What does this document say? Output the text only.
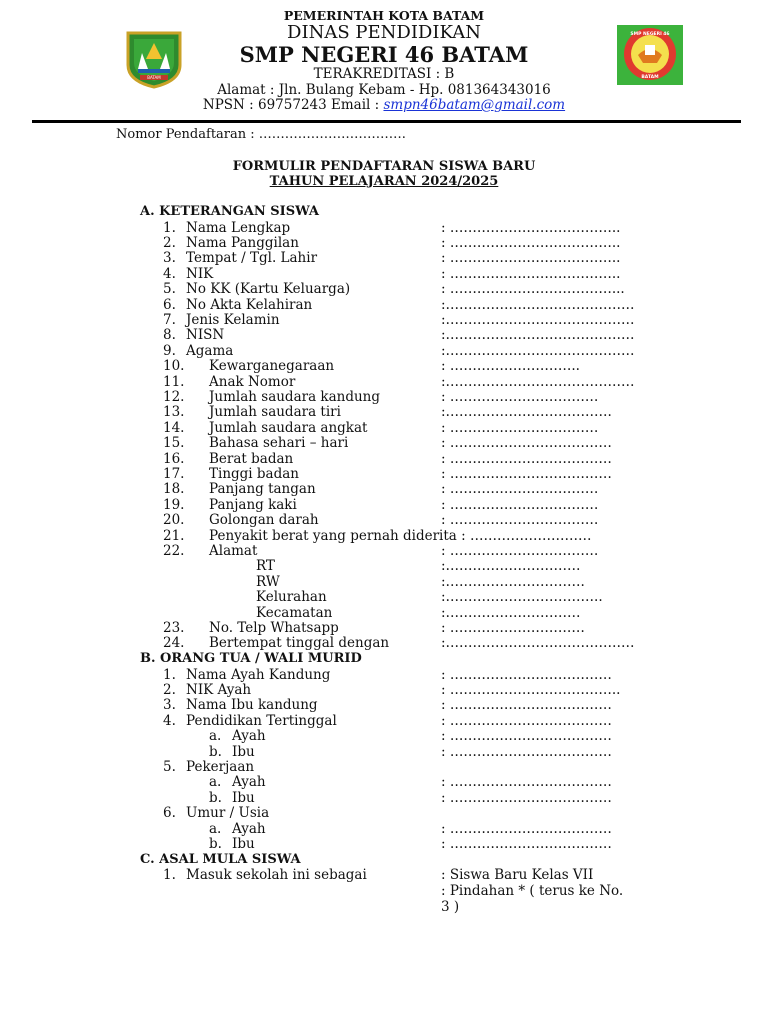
BATAM
SMP NEGERI 46
BATAM
PEMERINTAH KOTA BATAM
DINAS PENDIDIKAN
SMP NEGERI 46 BATAM
TERAKREDITASI : B
Alamat : Jln. Bulang Kebam - Hp. 081364343016
NPSN : 69757243 Email : smpn46batam@gmail.com
Nomor Pendaftaran : …………………………….
FORMULIR PENDAFTARAN SISWA BARU
TAHUN PELAJARAN 2024/2025
A. KETERANGAN SISWA
1. Nama Lengkap	: ………………………………..
2. Nama Panggilan	: ………………………………..
3. Tempat / Tgl. Lahir	: ………………………………..
4. NIK	: ………………………………..
5. No KK (Kartu Keluarga)	: ………………………………...
6. No Akta Kelahiran	:……………………………………
7. Jenis Kelamin	:……………………………………
8. NISN	:……………………………………
9. Agama	:……………………………………
10. Kewarganegaraan	: ………………………..
11. Anak Nomor	:……………………………………
12. Jumlah saudara kandung	: ……………………………
13. Jumlah saudara tiri	:……………………………….
14. Jumlah saudara angkat	: ……………………………
15. Bahasa sehari – hari	: ………………………………
16. Berat badan	: ………………………………
17. Tinggi badan	: ………………………………
18. Panjang tangan	: ……………………………
19. Panjang kaki	: ……………………………
20. Golongan darah	: ……………………………
21. Penyakit berat yang pernah diderita : ………………………
22. Alamat	: ……………………………
RT	:…………………………
RW	:………………………….
Kelurahan	:……………………………..
Kecamatan	:…………………………
23. No. Telp Whatsapp	: …………………………
24. Bertempat tinggal dengan	:……………………………………
B. ORANG TUA / WALI MURID
1. Nama Ayah Kandung	: ………………………………
2. NIK Ayah	: ………………………………..
3. Nama Ibu kandung	: ………………………………
4. Pendidikan Tertinggal	: ………………………………
a. Ayah	: ………………………………
b. Ibu	: ………………………………
5. Pekerjaan
a. Ayah	: ………………………………
b. Ibu	: ………………………………
6. Umur / Usia
a. Ayah	: ………………………………
b. Ibu	: ………………………………
C. ASAL MULA SISWA
1. Masuk sekolah ini sebagai	: Siswa Baru Kelas VII
: Pindahan * ( terus ke No.
3 )
